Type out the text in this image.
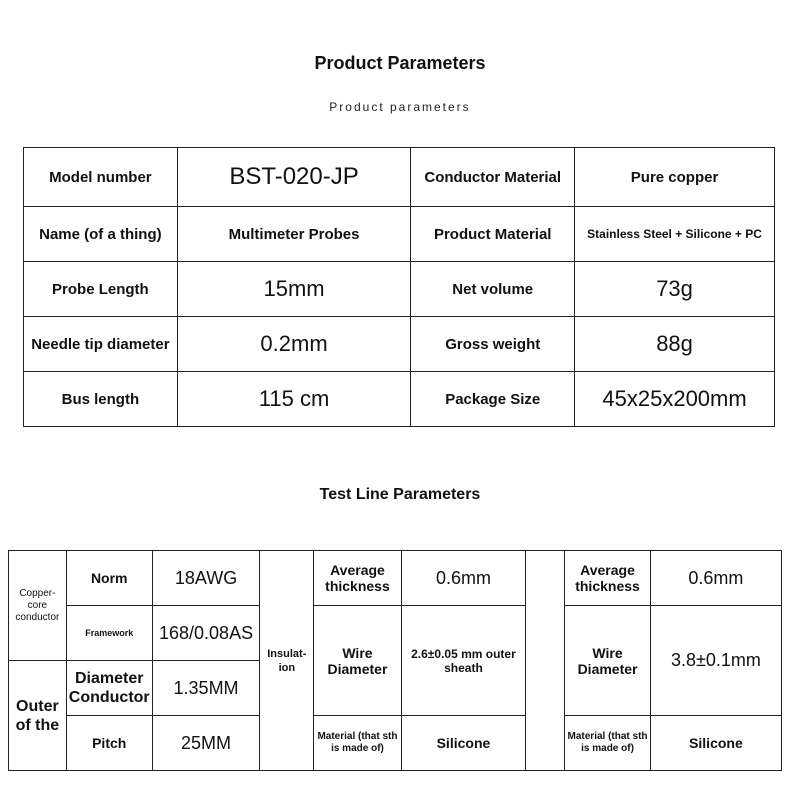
Product Parameters
Product parameters
Model number	BST-020-JP	Conductor Material	Pure copper
Name (of a thing)	Multimeter Probes	Product Material	Stainless Steel + Silicone + PC
Probe Length	15mm	Net volume	73g
Needle tip diameter	0.2mm	Gross weight	88g
Bus length	115 cm	Package Size	45x25x200mm
Test Line Parameters
Copper-core conductor	Norm	18AWG	Insulat-ion	Average thickness	0.6mm		Average thickness	0.6mm
	Framework	168/0.08AS		Wire Diameter	2.6±0.05 mm outer sheath		Wire Diameter	3.8±0.1mm
Outer of the	Diameter Conductor	1.35MM						
	Pitch	25MM		Material (that sth is made of)	Silicone		Material (that sth is made of)	Silicone
